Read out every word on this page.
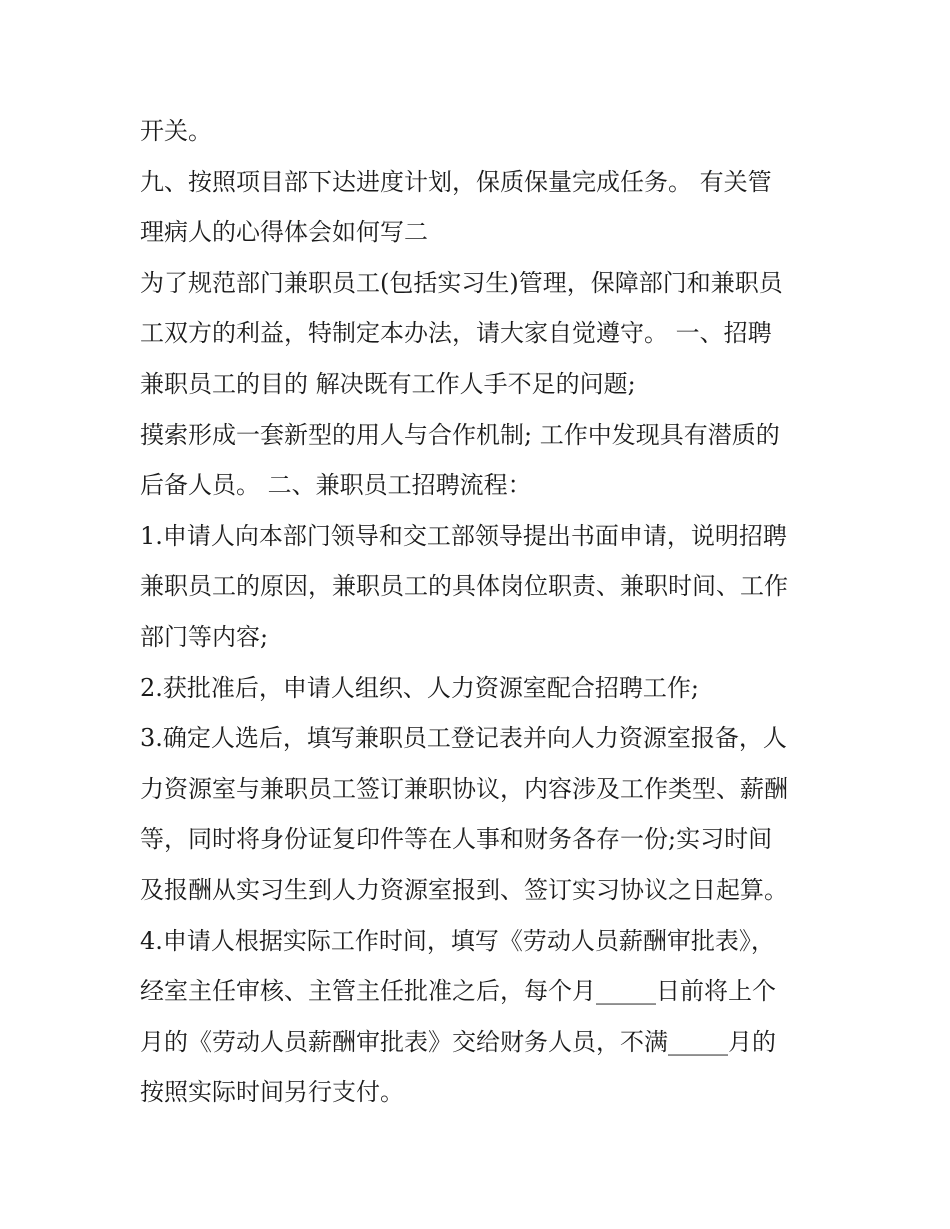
开关。
九、按照项目部下达进度计划，保质保量完成任务。 有关管
理病人的心得体会如何写二
为了规范部门兼职员工(包括实习生)管理，保障部门和兼职员
工双方的利益，特制定本办法，请大家自觉遵守。 一、招聘
兼职员工的目的 解决既有工作人手不足的问题;
摸索形成一套新型的用人与合作机制; 工作中发现具有潜质的
后备人员。 二、兼职员工招聘流程：
1.申请人向本部门领导和交工部领导提出书面申请，说明招聘
兼职员工的原因，兼职员工的具体岗位职责、兼职时间、工作
部门等内容;
2.获批准后，申请人组织、人力资源室配合招聘工作;
3.确定人选后，填写兼职员工登记表并向人力资源室报备，人
力资源室与兼职员工签订兼职协议，内容涉及工作类型、薪酬
等，同时将身份证复印件等在人事和财务各存一份;实习时间
及报酬从实习生到人力资源室报到、签订实习协议之日起算。
4.申请人根据实际工作时间，填写《劳动人员薪酬审批表》，
经室主任审核、主管主任批准之后，每个月_____日前将上个
月的《劳动人员薪酬审批表》交给财务人员，不满_____月的
按照实际时间另行支付。
